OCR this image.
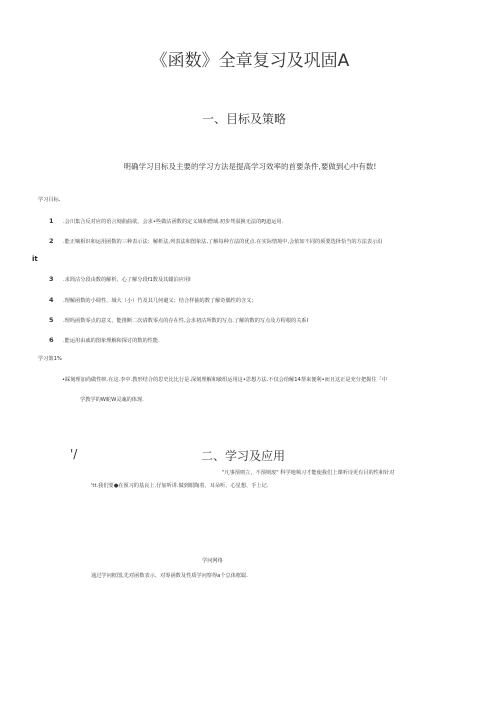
《函数》全章复习及巩固A
一、目标及策略
明确学习目标及主要的学习方法是提高学习效率的首要条件,要做到心中有数!
学习目标,
1 .会川集合反对应的语言刻曲曲欲，会求•些做沽函数的定义域和僧域.初步驾驭换无法的PJ道运用.
2 .能正嘀相识和运用函数的三种表示法：解析法,列表法和图象法,了解每种方法的优点.在实际情境中,会依如不同的须要选择恰当的方法表示沿
it
3 .求简沽分段由数的解析，心了解分段f1数及其蜡泊应用I
4 .理解函数的小调性、域大（小）竹及其几何避义；结合样抽的数了解奇偶性的含义；
5 .理吗函数零点的意义，能推断二次请数零点的存在性,会求初沽所数的写点.了解的数的写点及方程根的关系I
6 .能运用由戚的图象理解和探讨的数的性能.
学习策1%
•踩刻理加尚做性帜.在这.李中.教形结合的思史比比行是.深刻理解和敏组运用这•思想方法.不仅会给解14帮来便利•而且这正是充分把握住「中
学教学的W蛇W灵魂的体现.
'/	二、学习及应用
"凡事预则立，不预则废" 科学地频习才能使我们上课听诗更有目的性和针对
'tt.我们要●在预习的基良上.仔加听讲.做到眼陶着、耳朵听、心星想、手上记.
学问网络
通过学问框图,先对函数表示、对筹函数及性质学问察得a个总体框聪.
